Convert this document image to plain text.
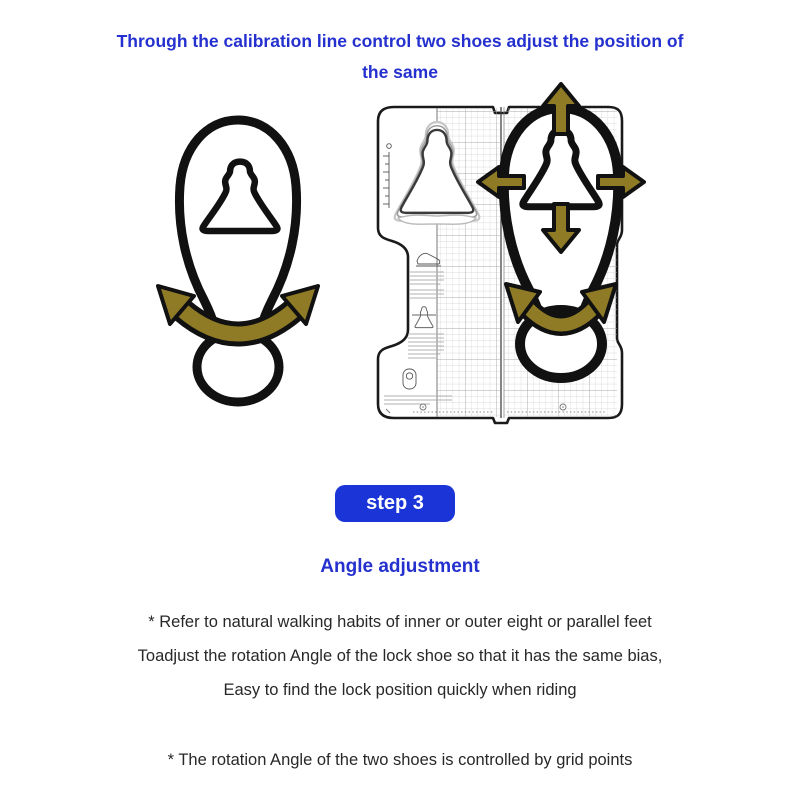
Through the calibration line control two shoes adjust the position of
the same
step 3
Angle adjustment
* Refer to natural walking habits of inner or outer eight or parallel feet
Toadjust the rotation Angle of the lock shoe so that it has the same bias,
Easy to find the lock position quickly when riding
* The rotation Angle of the two shoes is controlled by grid points
